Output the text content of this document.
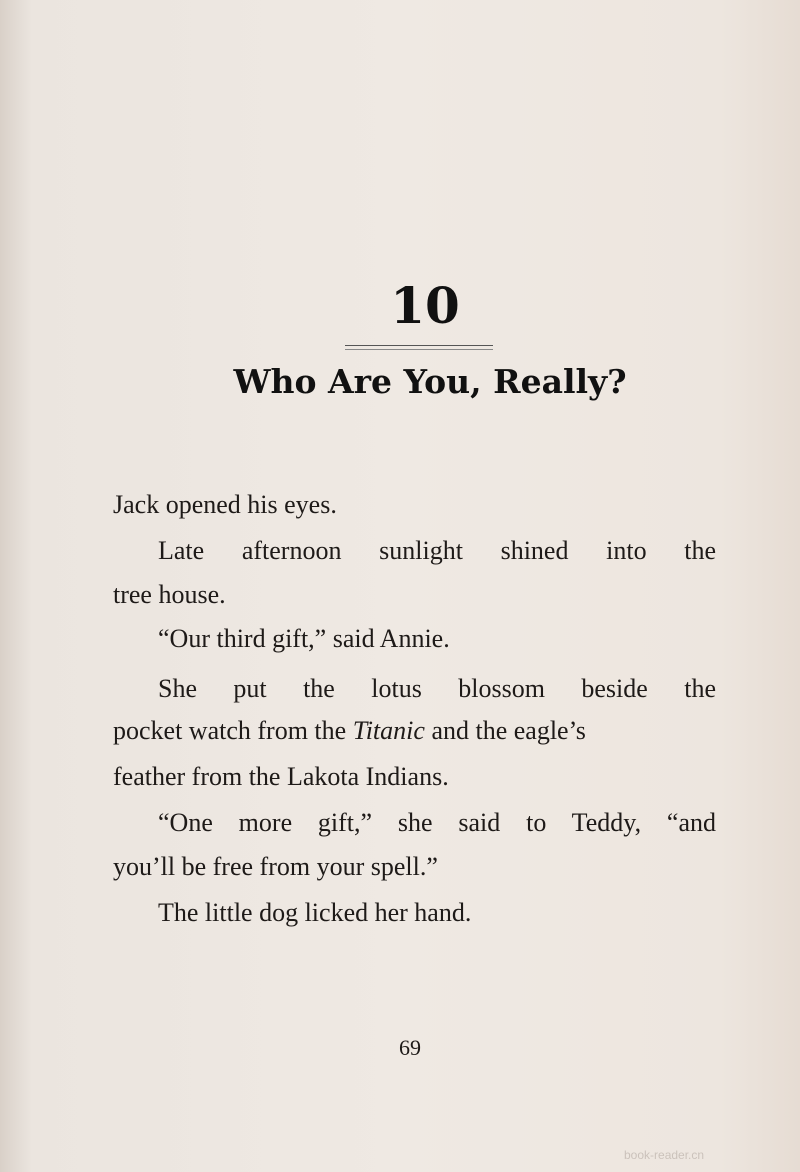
10
Who Are You, Really?
Jack opened his eyes.
Late afternoon sunlight shined into the
tree house.
“Our third gift,” said Annie.
She put the lotus blossom beside the
pocket watch from the Titanic and the eagle’s
feather from the Lakota Indians.
“One more gift,” she said to Teddy, “and
you’ll be free from your spell.”
The little dog licked her hand.
69
book-reader.cn
